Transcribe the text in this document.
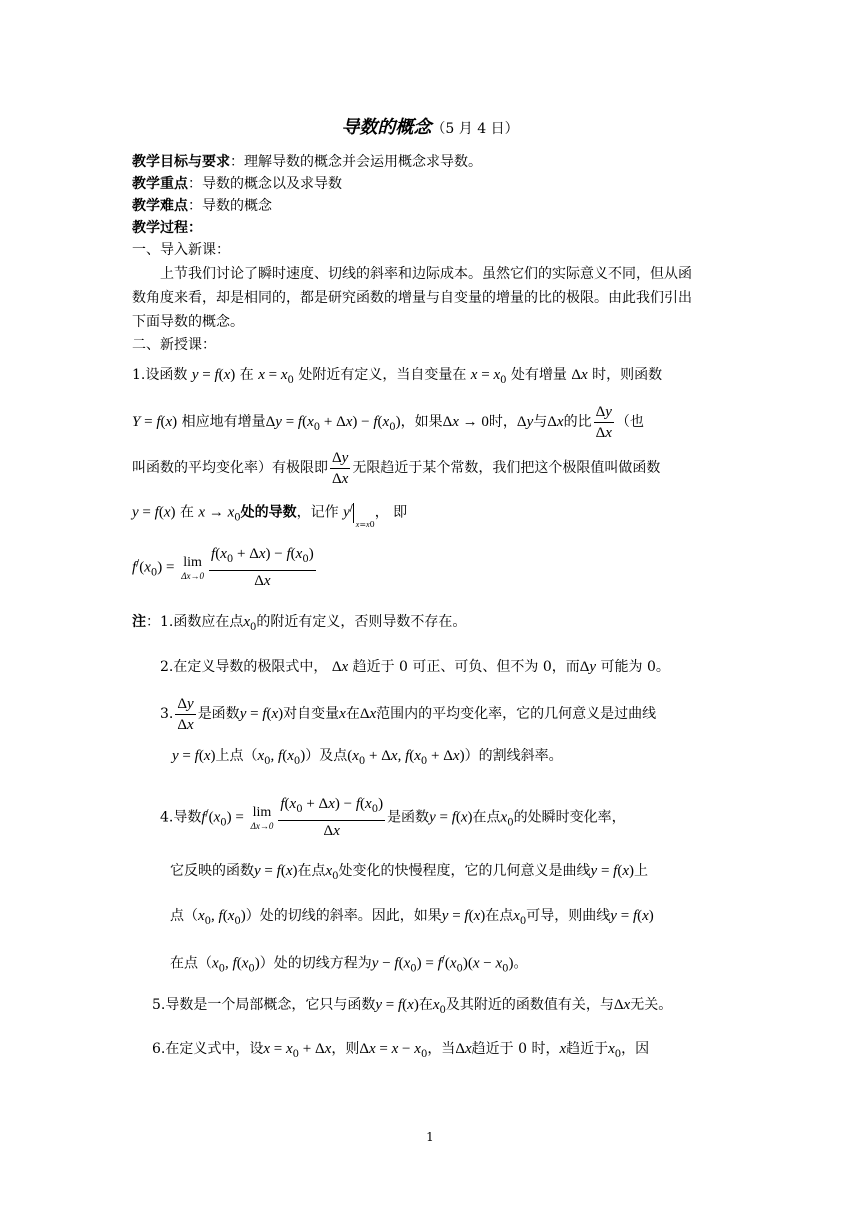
导数的概念（5 月 4 日）
教学目标与要求：理解导数的概念并会运用概念求导数。
教学重点：导数的概念以及求导数
教学难点：导数的概念
教学过程：
一、导入新课：
上节我们讨论了瞬时速度、切线的斜率和边际成本。虽然它们的实际意义不同，但从函
数角度来看，却是相同的，都是研究函数的增量与自变量的增量的比的极限。由此我们引出
下面导数的概念。
二、新授课：
1.设函数 y = f(x) 在 $x = x_0$ 处附近有定义，当自变量在 $x = x_0$ 处有增量 Δx 时，则函数
Y = f(x) 相应地有增量$\Delta y = f(x_0 + \Delta x) - f(x_0)$，如果Δx → 0时，Δy与Δx的比 $\frac{\Delta y}{\Delta x}$ （也
叫函数的平均变化率）有极限即 $\frac{\Delta y}{\Delta x}$ 无限趋近于某个常数，我们把这个极限值叫做函数
y = f(x) 在 $x \to x_0$处的导数，记作 y/x=x0， 即
$f^/(x_0) = \lim$
$\Delta x\to 0 \frac{f(x_0 + \Delta x) - f(x_0)}{\Delta x}$
注：1.函数应在点$x_0$的附近有定义，否则导数不存在。
2.在定义导数的极限式中， Δx 趋近于 0 可正、可负、但不为 0，而Δy 可能为 0。
3. $\frac{\Delta y}{\Delta x}$ 是函数y = f(x)对自变量x在Δx范围内的平均变化率，它的几何意义是过曲线
y = f(x)上点（$x_0$, $f(x_0)$）及点($x_0 + \Delta x$, $f(x_0 + \Delta x)$）的割线斜率。
4.导数$f^/(x_0) = \lim$
$\Delta x\to 0 \frac{f(x_0 + \Delta x) - f(x_0)}{\Delta x}$ 是函数y = f(x)在点$x_0$的处瞬时变化率，
它反映的函数y = f(x)在点$x_0$处变化的快慢程度，它的几何意义是曲线y = f(x)上
点（$x_0$, $f(x_0)$）处的切线的斜率。因此，如果y = f(x)在点$x_0$可导，则曲线y = f(x)
在点（$x_0$, $f(x_0)$）处的切线方程为$y - f(x_0) = f^/(x_0)(x - x_0)$。
5.导数是一个局部概念，它只与函数y = f(x)在$x_0$及其附近的函数值有关，与Δx无关。
6.在定义式中，设$x = x_0 + \Delta x$，则$\Delta x = x - x_0$，当Δx趋近于 0 时，x趋近于$x_0$，因
1
